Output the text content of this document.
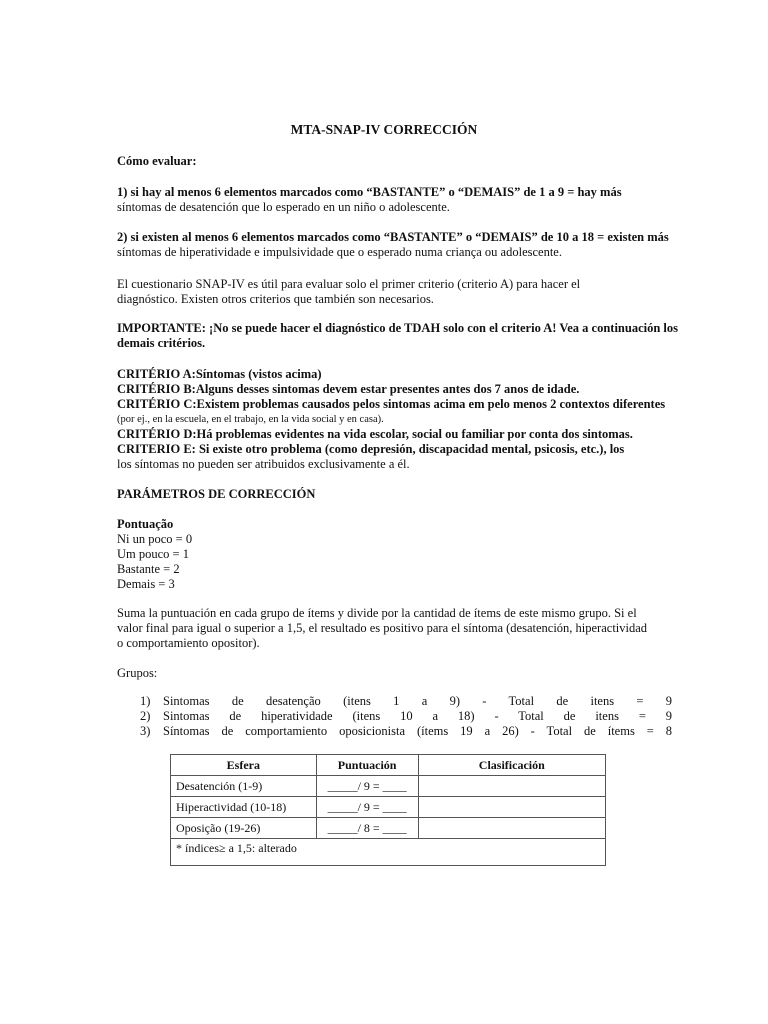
MTA-SNAP-IV CORRECCIÓN
Cómo evaluar:
1) si hay al menos 6 elementos marcados como “BASTANTE” o “DEMAIS” de 1 a 9 = hay más
síntomas de desatención que lo esperado en un niño o adolescente.
2) si existen al menos 6 elementos marcados como “BASTANTE” o “DEMAIS” de 10 a 18 = existen más
síntomas de hiperatividade e impulsividade que o esperado numa criança ou adolescente.
El cuestionario SNAP-IV es útil para evaluar solo el primer criterio (criterio A) para hacer el
diagnóstico. Existen otros criterios que también son necesarios.
IMPORTANTE: ¡No se puede hacer el diagnóstico de TDAH solo con el criterio A! Vea a continuación los
demais critérios.
CRITÉRIO A:Síntomas (vistos acima)
CRITÉRIO B:Alguns desses sintomas devem estar presentes antes dos 7 anos de idade.
CRITÉRIO C:Existem problemas causados pelos sintomas acima em pelo menos 2 contextos diferentes
(por ej., en la escuela, en el trabajo, en la vida social y en casa).
CRITÉRIO D:Há problemas evidentes na vida escolar, social ou familiar por conta dos sintomas.
CRITERIO E: Si existe otro problema (como depresión, discapacidad mental, psicosis, etc.), los
los síntomas no pueden ser atribuidos exclusivamente a él.
PARÁMETROS DE CORRECCIÓN
Pontuação
Ni un poco = 0
Um pouco = 1
Bastante = 2
Demais = 3
Suma la puntuación en cada grupo de ítems y divide por la cantidad de ítems de este mismo grupo. Si el
valor final para igual o superior a 1,5, el resultado es positivo para el síntoma (desatención, hiperactividad
o comportamiento opositor).
Grupos:
1)	Sintomas de desatenção (itens 1 a 9) - Total de itens = 9
2)	Sintomas de hiperatividade (itens 10 a 18) - Total de itens = 9
3)	Síntomas de comportamiento oposicionista (ítems 19 a 26) - Total de ítems = 8
Esfera	Puntuación	Clasificación
Desatención (1-9)	_____/ 9 = ____	
Hiperactividad (10-18)	_____/ 9 = ____	
Oposição (19-26)	_____/ 8 = ____	
* índices≥ a 1,5: alterado		
